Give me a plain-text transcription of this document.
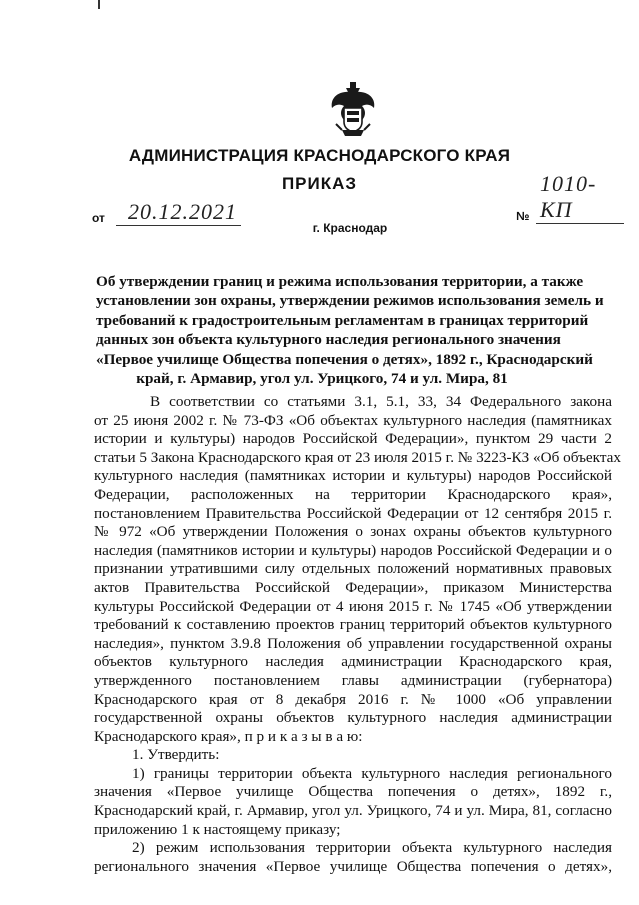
АДМИНИСТРАЦИЯ КРАСНОДАРСКОГО КРАЯ
ПРИКАЗ
от 20.12.2021
г. Краснодар
№
1010-КП
Об утверждении границ и режима использования территории, а также
установлении зон охраны, утверждении режимов использования земель и
требований к градостроительным регламентам в границах территорий
данных зон объекта культурного наследия регионального значения
«Первое училище Общества попечения о детях», 1892 г., Краснодарский
край, г. Армавир, угол ул. Урицкого, 74 и ул. Мира, 81
В соответствии со статьями 3.1, 5.1, 33, 34 Федерального закона
от 25 июня 2002 г. № 73-ФЗ «Об объектах культурного наследия (памятниках
истории и культуры) народов Российской Федерации», пунктом 29 части 2
статьи 5 Закона Краснодарского края от 23 июля 2015 г. № 3223-КЗ «Об объектах
культурного наследия (памятниках истории и культуры) народов Российской
Федерации, расположенных на территории Краснодарского края»,
постановлением Правительства Российской Федерации от 12 сентября 2015 г.
№ 972 «Об утверждении Положения о зонах охраны объектов культурного
наследия (памятников истории и культуры) народов Российской Федерации и о
признании утратившими силу отдельных положений нормативных правовых
актов Правительства Российской Федерации», приказом Министерства
культуры Российской Федерации от 4 июня 2015 г. № 1745 «Об утверждении
требований к составлению проектов границ территорий объектов культурного
наследия», пунктом 3.9.8 Положения об управлении государственной охраны
объектов культурного наследия администрации Краснодарского края,
утвержденного постановлением главы администрации (губернатора)
Краснодарского края от 8 декабря 2016 г. № 1000 «Об управлении
государственной охраны объектов культурного наследия администрации
Краснодарского края», п р и к а з ы в а ю:
1. Утвердить:
1) границы территории объекта культурного наследия регионального
значения «Первое училище Общества попечения о детях», 1892 г.,
Краснодарский край, г. Армавир, угол ул. Урицкого, 74 и ул. Мира, 81, согласно
приложению 1 к настоящему приказу;
2) режим использования территории объекта культурного наследия
регионального значения «Первое училище Общества попечения о детях»,
